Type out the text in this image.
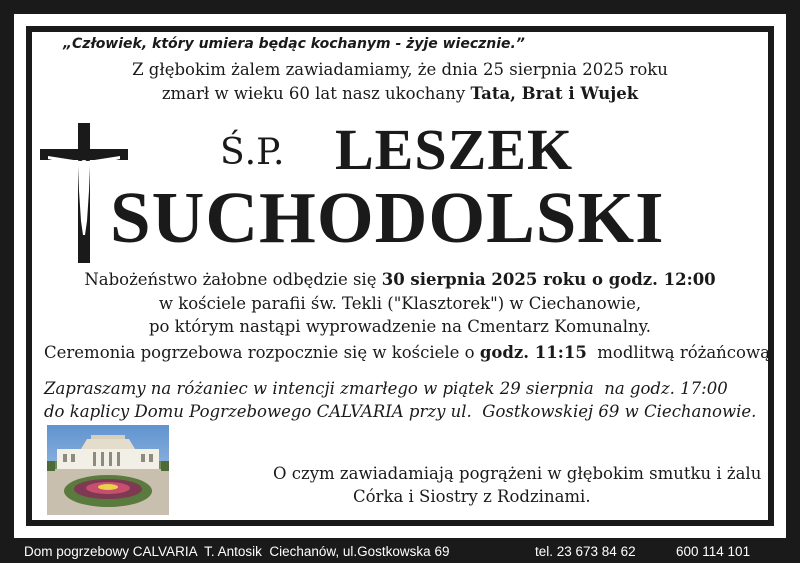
„Człowiek, który umiera będąc kochanym - żyje wiecznie.”
Z głębokim żalem zawiadamiamy, że dnia 25 sierpnia 2025 roku
zmarł w wieku 60 lat nasz ukochany Tata, Brat i Wujek
Ś.P. LESZEK
SUCHODOLSKI
Nabożeństwo żałobne odbędzie się 30 sierpnia 2025 roku o godz. 12:00
w kościele parafii św. Tekli ("Klasztorek") w Ciechanowie,
po którym nastąpi wyprowadzenie na Cmentarz Komunalny.
Ceremonia pogrzebowa rozpocznie się w kościele o godz. 11:15  modlitwą różańcową.
Zapraszamy na różaniec w intencji zmarłego w piątek 29 sierpnia  na godz. 17:00
do kaplicy Domu Pogrzebowego CALVARIA przy ul.  Gostkowskiej 69 w Ciechanowie.
O czym zawiadamiają pogrążeni w głębokim smutku i żalu
Córka i Siostry z Rodzinami.
Dom pogrzebowy CALVARIA  T. Antosik  Ciechanów, ul.Gostkowska 69	tel. 23 673 84 62	600 114 101
